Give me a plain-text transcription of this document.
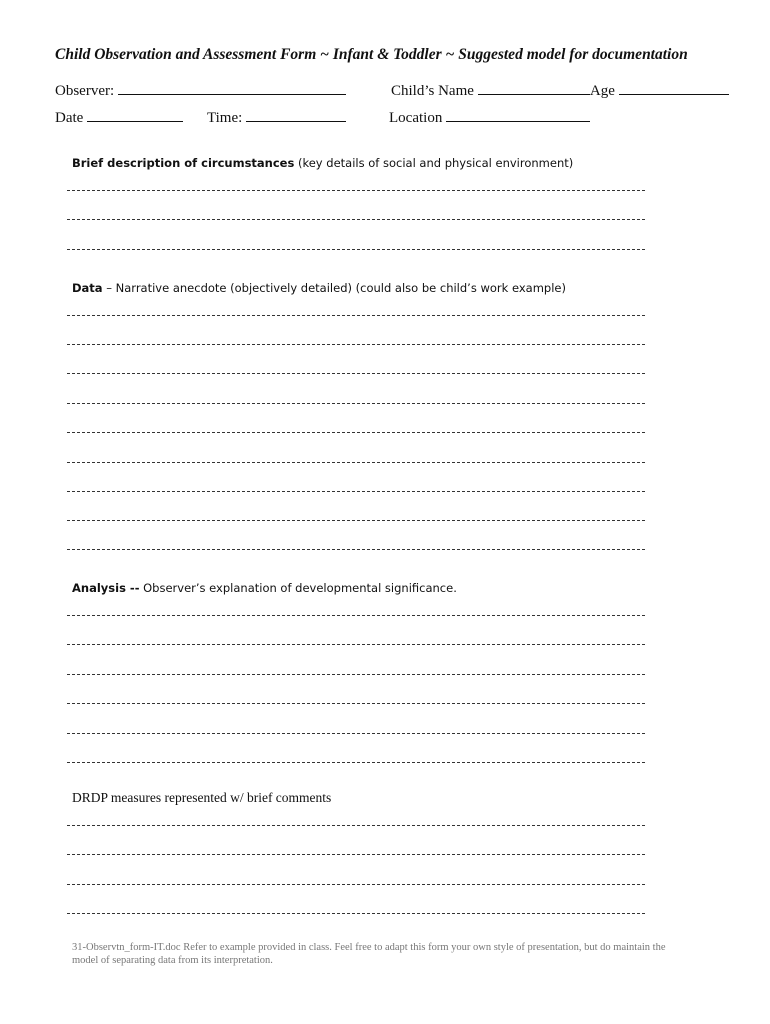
Child Observation and Assessment Form ~ Infant & Toddler ~ Suggested model for documentation
Observer:	Child’s Name	Age
Date	Time:	Location
Brief description of circumstances (key details of social and physical environment)
Data – Narrative anecdote (objectively detailed) (could also be child’s work example)
Analysis -- Observer’s explanation of developmental significance.
DRDP measures represented w/ brief comments
31-Observtn_form-IT.doc Refer to example provided in class. Feel free to adapt this form your own style of presentation, but do maintain the model of separating data from its interpretation.
